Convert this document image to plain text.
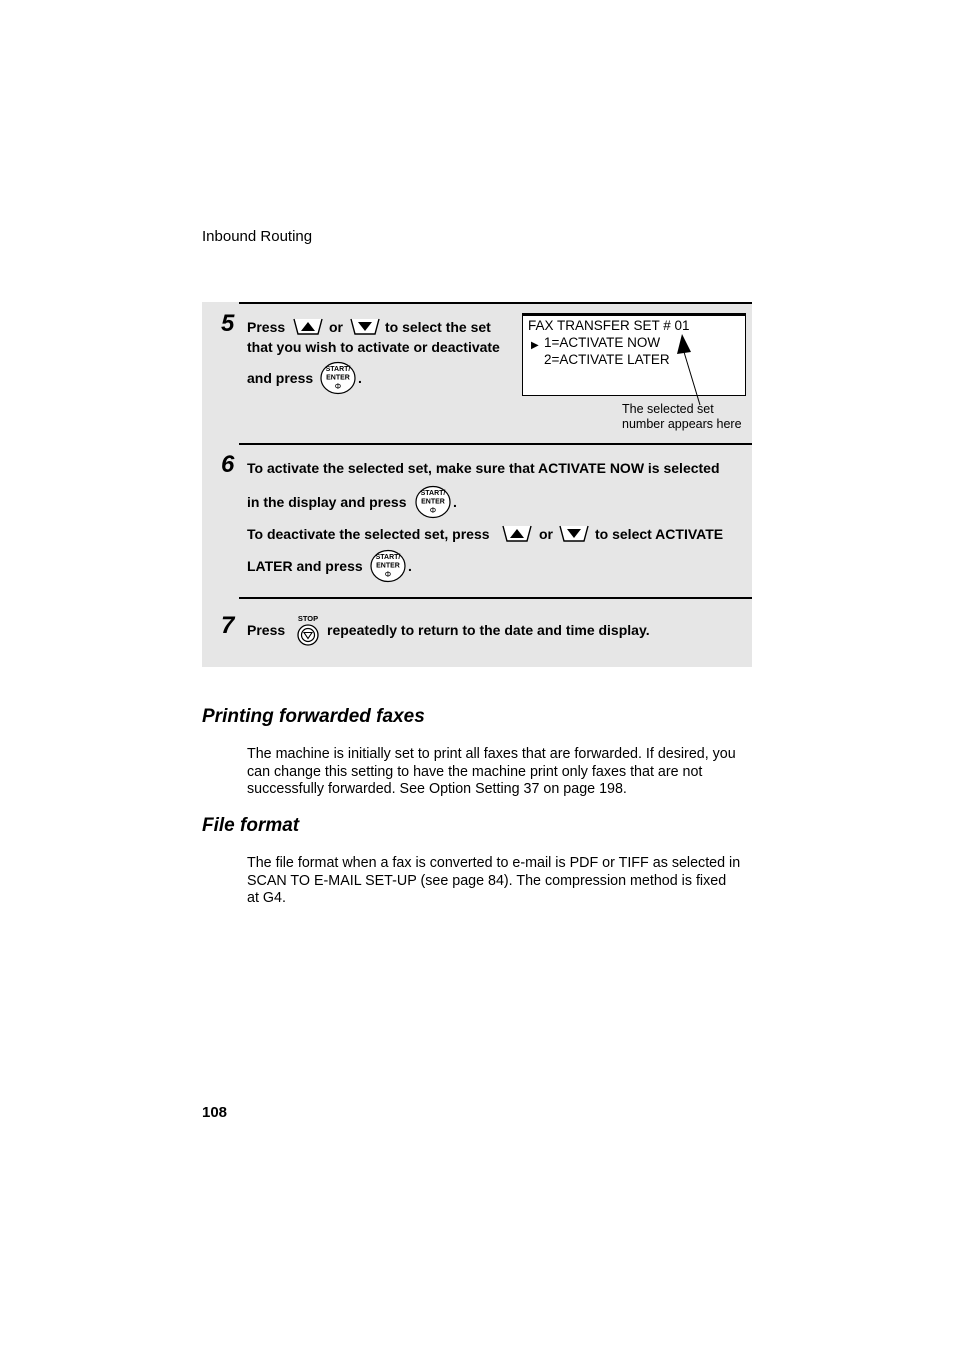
Inbound Routing
5 Press	or	to select the set
that you wish to activate or deactivate
and press
START/
ENTER
Φ
.
6 To activate the selected set, make sure that ACTIVATE NOW is selected
in the display and press
START/
ENTER
Φ
.
To deactivate the selected set, press	or	to select ACTIVATE
LATER and press
START/
ENTER
Φ
.
7 Press
STOP
repeatedly to return to the date and time display.
FAX TRANSFER SET # 01
▶ 1=ACTIVATE NOW
2=ACTIVATE LATER
The selected set
number appears here
Printing forwarded faxes
The machine is initially set to print all faxes that are forwarded. If desired, you
can change this setting to have the machine print only faxes that are not
successfully forwarded. See Option Setting 37 on page 198.
File format
The file format when a fax is converted to e-mail is PDF or TIFF as selected in
SCAN TO E-MAIL SET-UP (see page 84). The compression method is fixed
at G4.
108
